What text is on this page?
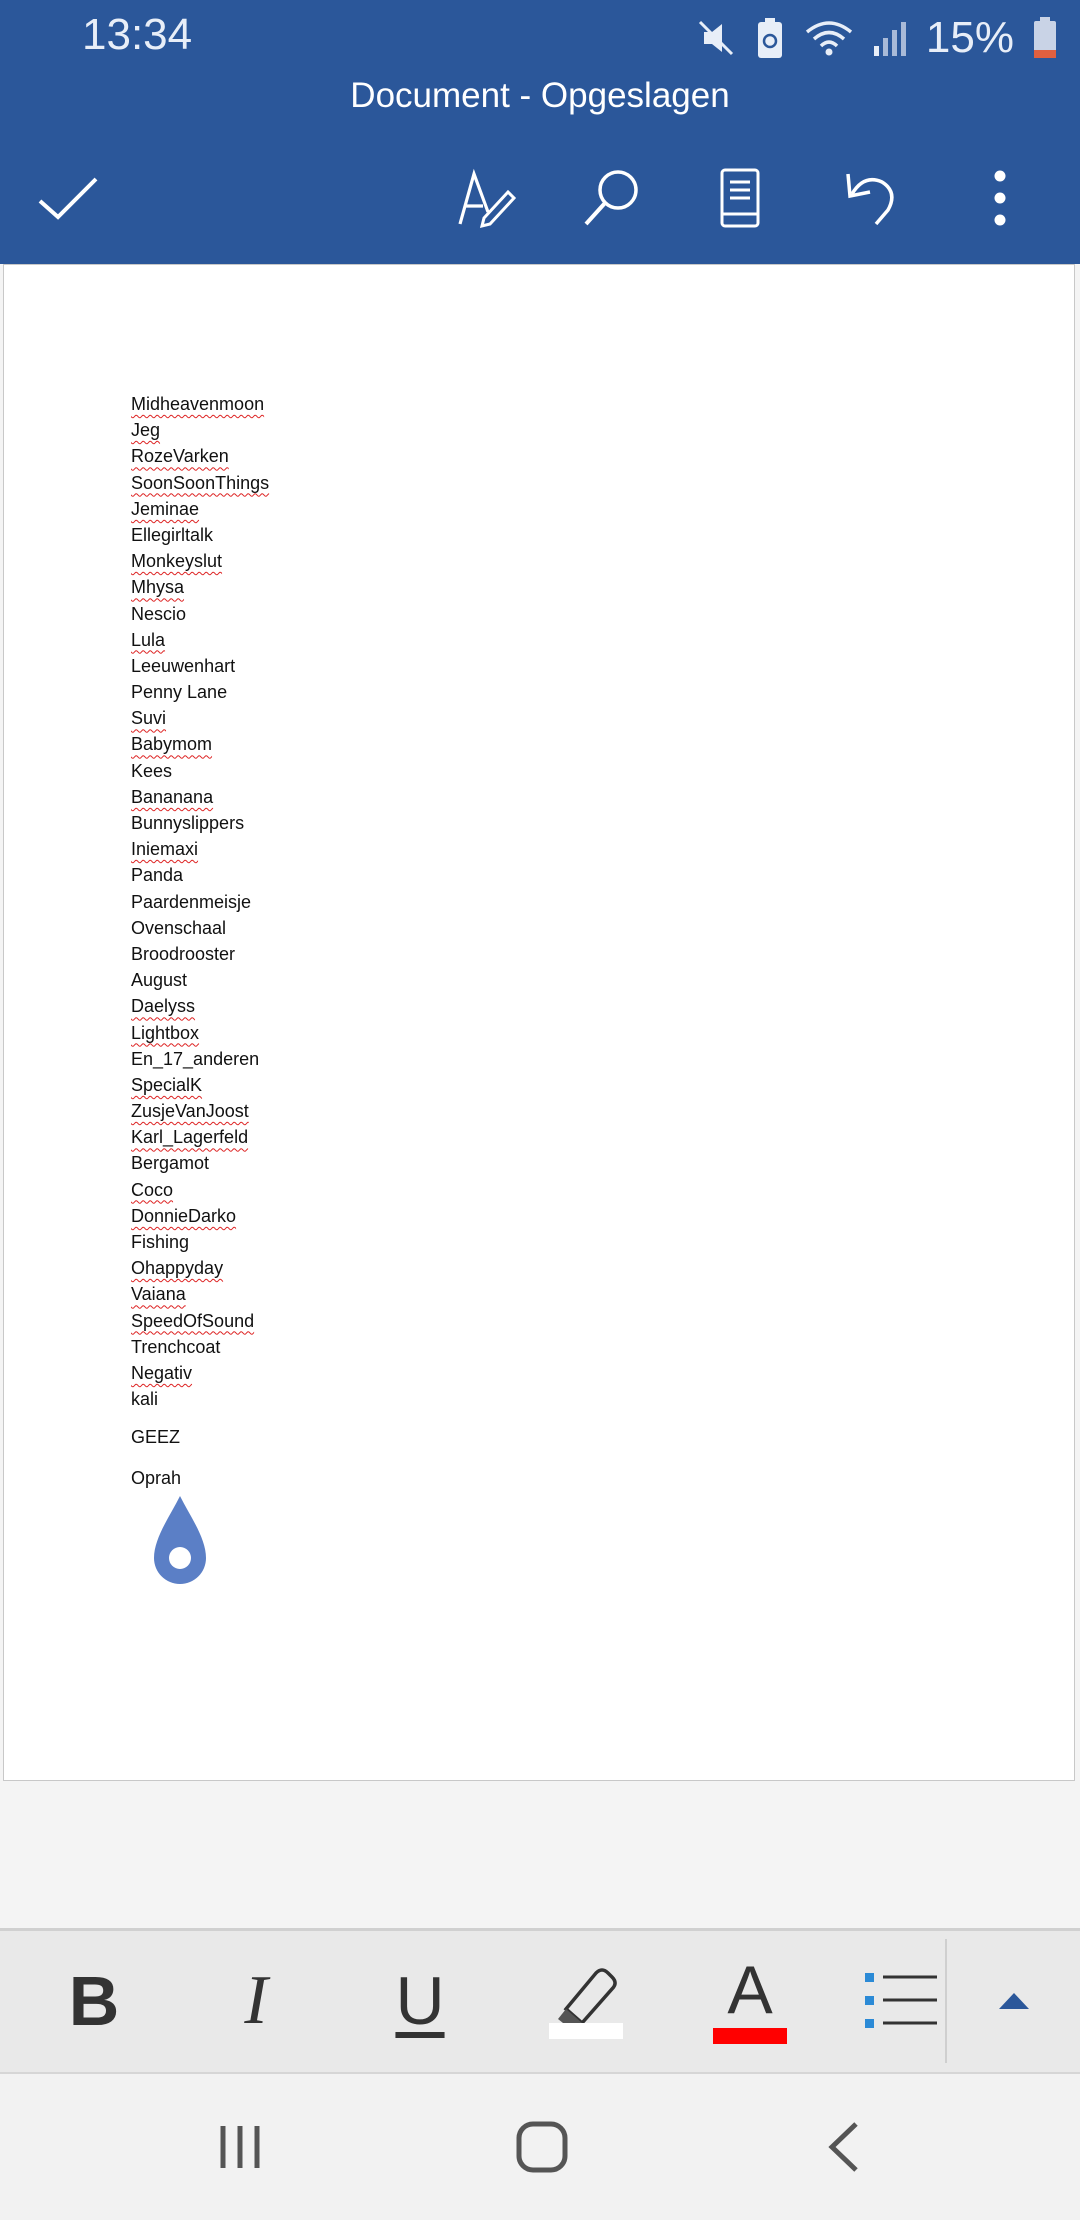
13:34	15%
Document - Opgeslagen
Midheavenmoon
Jeg
RozeVarken
SoonSoonThings
Jeminae
Ellegirltalk
Monkeyslut
Mhysa
Nescio
Lula
Leeuwenhart
Penny Lane
Suvi
Babymom
Kees
Bananana
Bunnyslippers
Iniemaxi
Panda
Paardenmeisje
Ovenschaal
Broodrooster
August
Daelyss
Lightbox
En_17_anderen
SpecialK
ZusjeVanJoost
Karl_Lagerfeld
Bergamot
Coco
DonnieDarko
Fishing
Ohappyday
Vaiana
SpeedOfSound
Trenchcoat
Negativ
kali
GEEZ
Oprah
B I U	A
